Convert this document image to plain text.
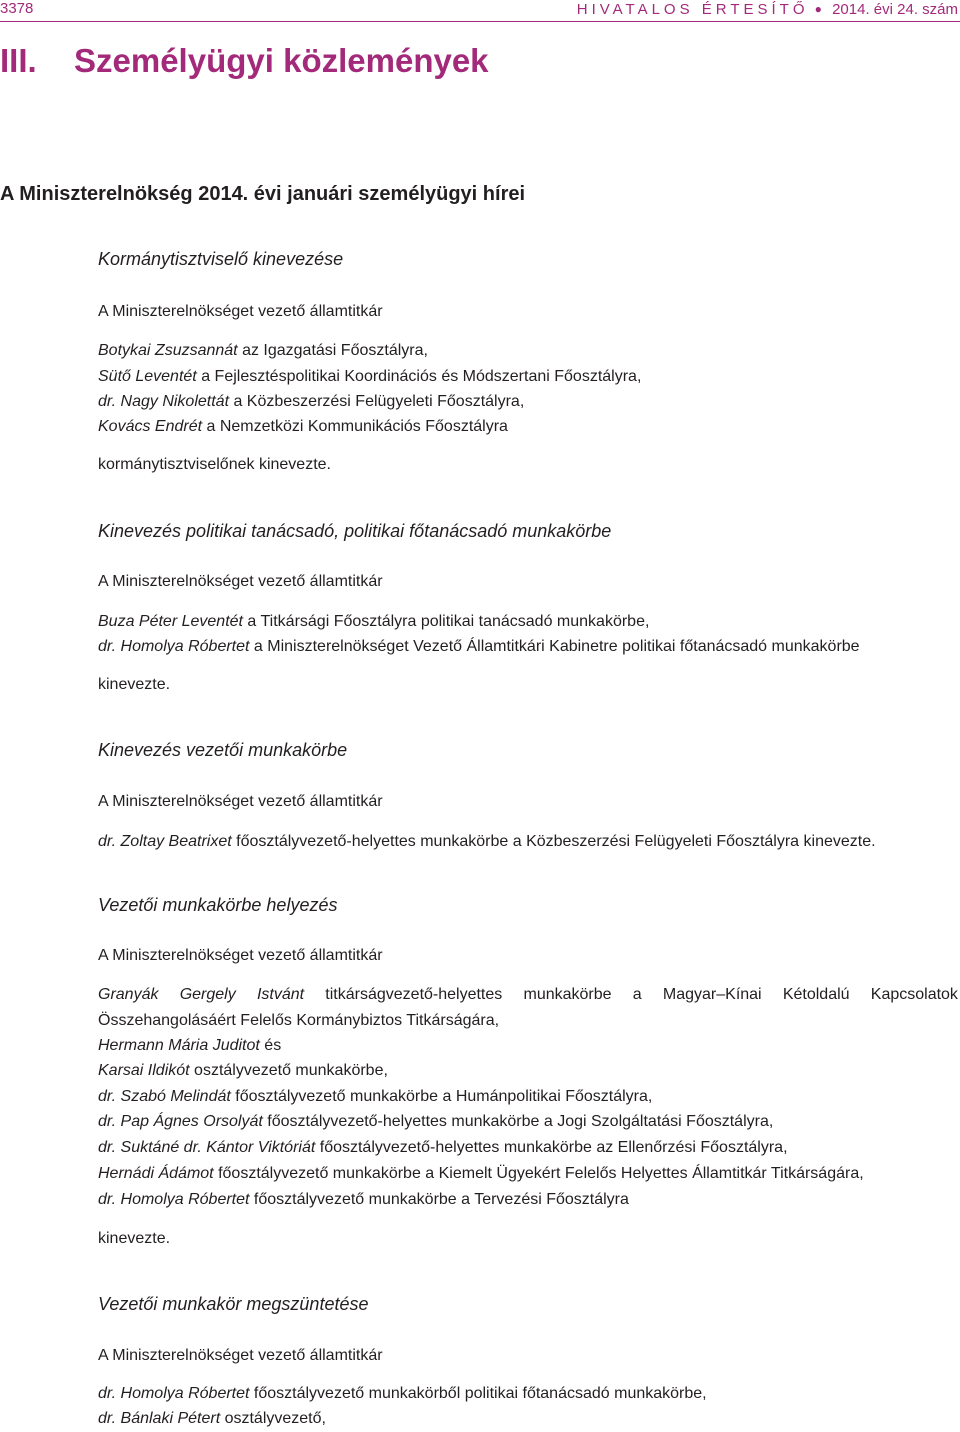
3378	HIVATALOS ÉRTESÍTŐ ● 2014. évi 24. szám
III. Személyügyi közlemények
A Miniszterelnökség 2014. évi januári személyügyi hírei
Kormánytisztviselő kinevezése
A Miniszterelnökséget vezető államtitkár
Botykai Zsuzsannát az Igazgatási Főosztályra,
Sütő Leventét a Fejlesztéspolitikai Koordinációs és Módszertani Főosztályra,
dr. Nagy Nikolettát a Közbeszerzési Felügyeleti Főosztályra,
Kovács Endrét a Nemzetközi Kommunikációs Főosztályra
kormánytisztviselőnek kinevezte.
Kinevezés politikai tanácsadó, politikai főtanácsadó munkakörbe
A Miniszterelnökséget vezető államtitkár
Buza Péter Leventét a Titkársági Főosztályra politikai tanácsadó munkakörbe,
dr. Homolya Róbertet a Miniszterelnökséget Vezető Államtitkári Kabinetre politikai főtanácsadó munkakörbe
kinevezte.
Kinevezés vezetői munkakörbe
A Miniszterelnökséget vezető államtitkár
dr. Zoltay Beatrixet főosztályvezető-helyettes munkakörbe a Közbeszerzési Felügyeleti Főosztályra kinevezte.
Vezetői munkakörbe helyezés
A Miniszterelnökséget vezető államtitkár
Granyák Gergely Istvánt titkárságvezető-helyettes munkakörbe a Magyar–Kínai Kétoldalú Kapcsolatok
Összehangolásáért Felelős Kormánybiztos Titkárságára,
Hermann Mária Juditot és
Karsai Ildikót osztályvezető munkakörbe,
dr. Szabó Melindát főosztályvezető munkakörbe a Humánpolitikai Főosztályra,
dr. Pap Ágnes Orsolyát főosztályvezető-helyettes munkakörbe a Jogi Szolgáltatási Főosztályra,
dr. Suktáné dr. Kántor Viktóriát főosztályvezető-helyettes munkakörbe az Ellenőrzési Főosztályra,
Hernádi Ádámot főosztályvezető munkakörbe a Kiemelt Ügyekért Felelős Helyettes Államtitkár Titkárságára,
dr. Homolya Róbertet főosztályvezető munkakörbe a Tervezési Főosztályra
kinevezte.
Vezetői munkakör megszüntetése
A Miniszterelnökséget vezető államtitkár
dr. Homolya Róbertet főosztályvezető munkakörből politikai főtanácsadó munkakörbe,
dr. Bánlaki Pétert osztályvezető,
